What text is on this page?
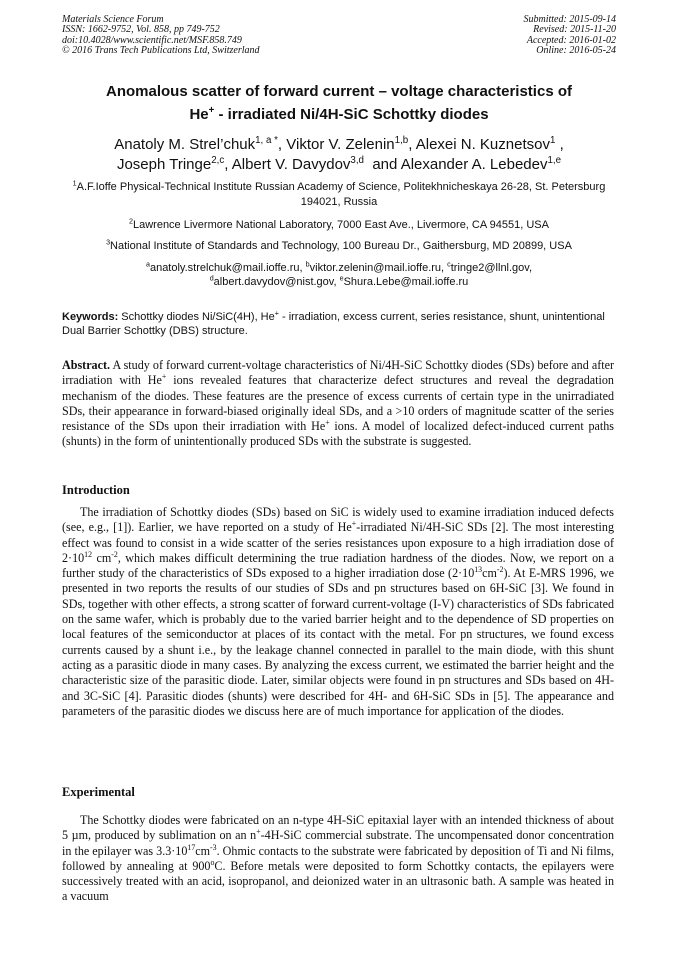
Materials Science Forum
ISSN: 1662-9752, Vol. 858, pp 749-752
doi:10.4028/www.scientific.net/MSF.858.749
© 2016 Trans Tech Publications Ltd, Switzerland
Submitted: 2015-09-14
Revised: 2015-11-20
Accepted: 2016-01-02
Online: 2016-05-24
Anomalous scatter of forward current – voltage characteristics of
He+ - irradiated Ni/4H-SiC Schottky diodes
Anatoly M. Strel’chuk$^{1, a *}$, Viktor V. Zelenin$^{1,b}$, Alexei N. Kuznetsov$^1$ ,
Joseph Tringe$^{2,c}$, Albert V. Davydov$^{3,d}$  and Alexander A. Lebedev$^{1,e}$
$^1$A.F.Ioffe Physical-Technical Institute Russian Academy of Science, Politekhnicheskaya 26-28, St. Petersburg 194021, Russia
$^2$Lawrence Livermore National Laboratory, 7000 East Ave., Livermore, CA 94551, USA
$^3$National Institute of Standards and Technology, 100 Bureau Dr., Gaithersburg, MD 20899, USA
$^a$anatoly.strelchuk@mail.ioffe.ru, $^b$viktor.zelenin@mail.ioffe.ru, $^c$tringe2@llnl.gov,
$^d$albert.davydov@nist.gov, $^e$Shura.Lebe@mail.ioffe.ru
Keywords: Schottky diodes Ni/SiC(4H), He+ - irradiation, excess current, series resistance, shunt, unintentional Dual Barrier Schottky (DBS) structure.
Abstract. A study of forward current-voltage characteristics of Ni/4H-SiC Schottky diodes (SDs) before and after irradiation with He+ ions revealed features that characterize defect structures and reveal the degradation mechanism of the diodes. These features are the presence of excess currents of certain type in the unirradiated SDs, their appearance in forward-biased originally ideal SDs, and a >10 orders of magnitude scatter of the series resistance of the SDs upon their irradiation with He+ ions. A model of localized defect-induced current paths (shunts) in the form of unintentionally produced SDs with the substrate is suggested.
Introduction
The irradiation of Schottky diodes (SDs) based on SiC is widely used to examine irradiation induced defects (see, e.g., [1]). Earlier, we have reported on a study of He+-irradiated Ni/4H-SiC SDs [2]. The most interesting effect was found to consist in a wide scatter of the series resistances upon exposure to a high irradiation dose of $2\cdot 10^{12}$ $cm^{-2}$, which makes difficult determining the true radiation hardness of the diodes. Now, we report on a further study of the characteristics of SDs exposed to a higher irradiation dose $(2\cdot 10^{13}cm^{-2})$. At E-MRS 1996, we presented in two reports the results of our studies of SDs and pn structures based on 6H-SiC [3]. We found in SDs, together with other effects, a strong scatter of forward current-voltage (I-V) characteristics of SDs fabricated on the same wafer, which is probably due to the varied barrier height and to the dependence of SD properties on local features of the semiconductor at places of its contact with the metal. For pn structures, we found excess currents caused by a shunt i.e., by the leakage channel connected in parallel to the main diode, with this shunt acting as a parasitic diode in many cases. By analyzing the excess current, we estimated the barrier height and the characteristic size of the parasitic diode. Later, similar objects were found in pn structures and SDs based on 4H- and 3C-SiC [4]. Parasitic diodes (shunts) were described for 4H- and 6H-SiC SDs in [5]. The appearance and parameters of the parasitic diodes we discuss here are of much importance for application of the diodes.
Experimental
The Schottky diodes were fabricated on an n-type 4H-SiC epitaxial layer with an intended thickness of about 5 µm, produced by sublimation on an n+-4H-SiC commercial substrate. The uncompensated donor concentration in the epilayer was $3.3\cdot 10^{17}cm^{-3}$. Ohmic contacts to the substrate were fabricated by deposition of Ti and Ni films, followed by annealing at 900$^o$C. Before metals were deposited to form Schottky contacts, the epilayers were successively treated with an acid, isopropanol, and deionized water in an ultrasonic bath. A sample was heated in a vacuum
